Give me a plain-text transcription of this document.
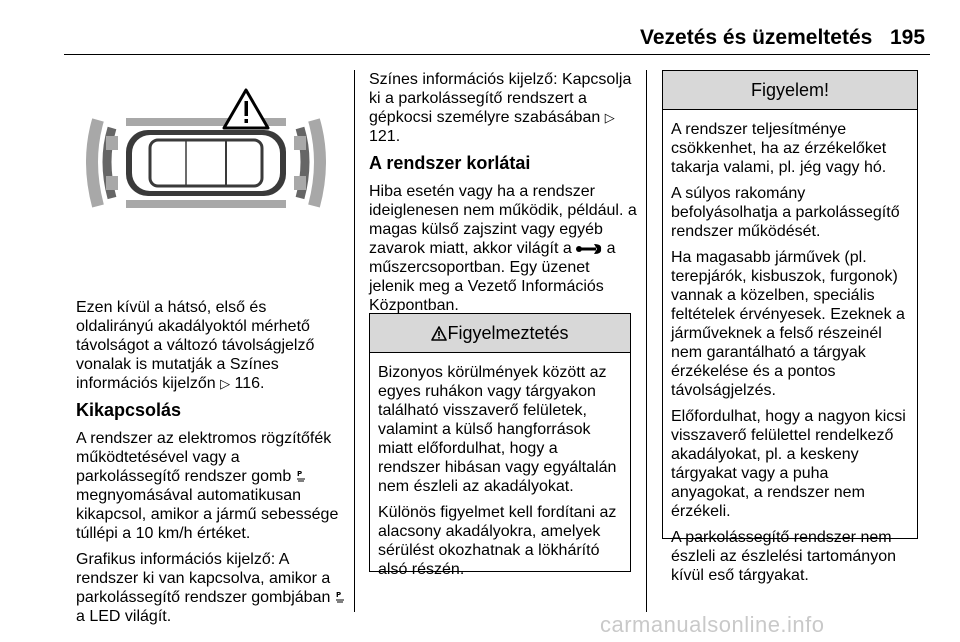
Vezetés és üzemeltetés 195

Ezen kívül a hátsó, első és oldalirányú akadályoktól mérhető távolságot a változó távolságjelző vonalak is mutatják a Színes információs kijelzőn ▷ 116.

Kikapcsolás

A rendszer az elektromos rögzítőfék működtetésével vagy a parkolássegítő rendszer gomb P
megnyomásával automatikusan kikapcsol, amikor a jármű sebessége túllépi a 10 km/h értéket.

Grafikus információs kijelző: A rendszer ki van kapcsolva, amikor a parkolássegítő rendszer gombjában P
a LED világít.

Színes információs kijelző: Kapcsolja ki a parkolássegítő rendszert a gépkocsi személyre szabásában ▷ 121.

A rendszer korlátai

Hiba esetén vagy ha a rendszer ideiglenesen nem működik, például. a magas külső zajszint vagy egyéb zavarok miatt, akkor világít a a műszercsoportban. Egy üzenet jelenik meg a Vezető Információs Központban.

Figyelmeztetés

Bizonyos körülmények között az egyes ruhákon vagy tárgyakon található visszaverő felületek, valamint a külső hangforrások miatt előfordulhat, hogy a rendszer hibásan vagy egyáltalán nem észleli az akadályokat.

Különös figyelmet kell fordítani az alacsony akadályokra, amelyek sérülést okozhatnak a lökhárító alsó részén.

Figyelem!

A rendszer teljesítménye csökkenhet, ha az érzékelőket takarja valami, pl. jég vagy hó.

A súlyos rakomány befolyásolhatja a parkolássegítő rendszer működését.

Ha magasabb járművek (pl. terepjárók, kisbuszok, furgonok) vannak a közelben, speciális feltételek érvényesek. Ezeknek a járműveknek a felső részeinél nem garantálható a tárgyak érzékelése és a pontos távolságjelzés.

Előfordulhat, hogy a nagyon kicsi visszaverő felülettel rendelkező akadályokat, pl. a keskeny tárgyakat vagy a puha anyagokat, a rendszer nem érzékeli.

A parkolássegítő rendszer nem észleli az észlelési tartományon kívül eső tárgyakat.

carmanualsonline.info
